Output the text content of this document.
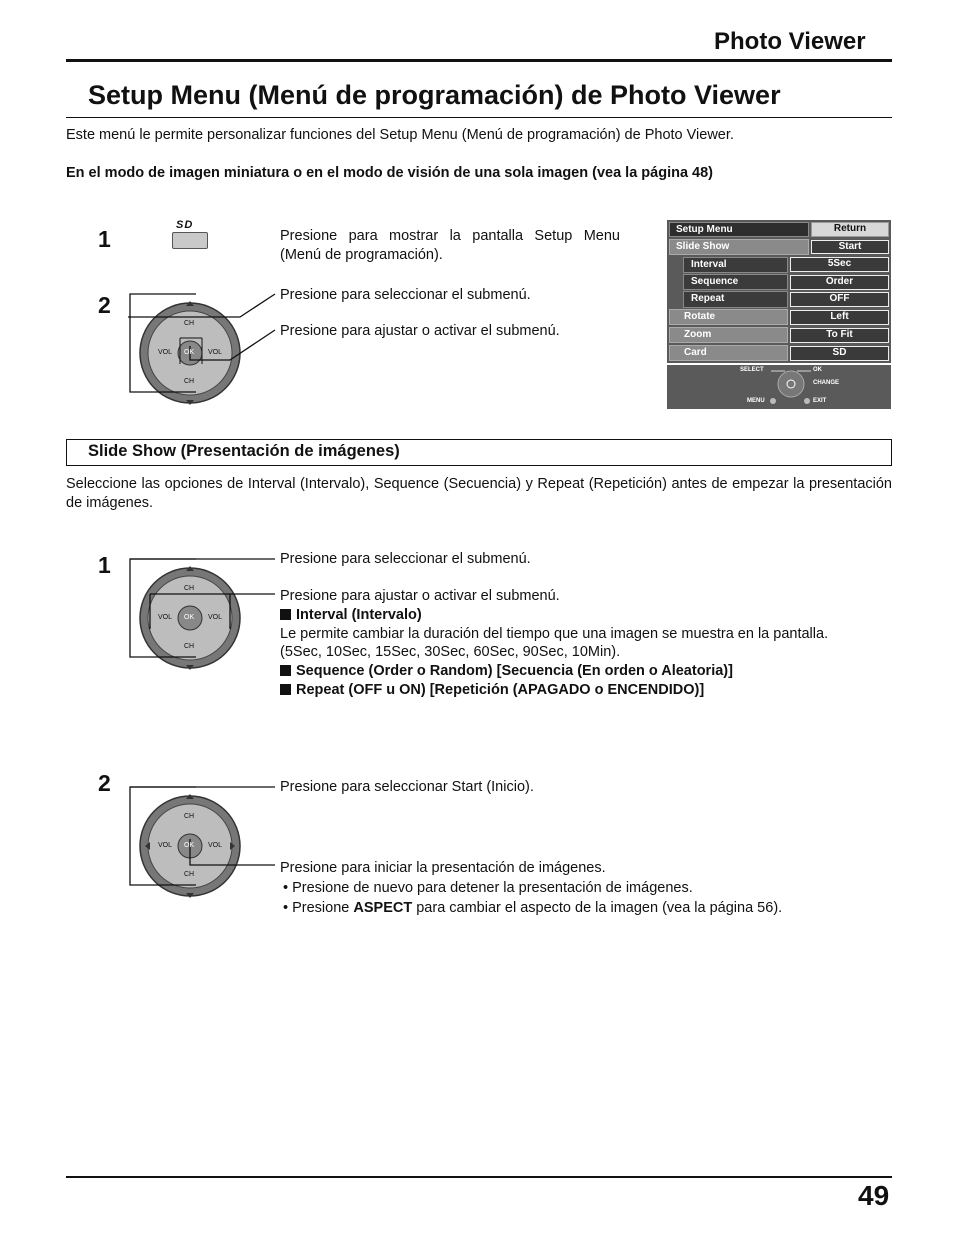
Photo Viewer
Setup Menu (Menú de programación) de Photo Viewer
Este menú le permite personalizar funciones del Setup Menu (Menú de programación) de Photo Viewer.
En el modo de imagen miniatura o en el modo de visión de una sola imagen (vea la página 48)
1
SD
Presione para mostrar la pantalla Setup Menu (Menú de programación).
2
CH
CH
VOL	VOL
OK
Presione para seleccionar el submenú.
Presione para ajustar o activar el submenú.
Setup Menu	Return
Slide Show	Start
Interval	5Sec
Sequence	Order
Repeat	OFF
Rotate	Left
Zoom	To Fit
Card	SD
SELECT	OK
CHANGE
MENU	EXIT
Slide Show (Presentación de imágenes)
Seleccione las opciones de Interval (Intervalo), Sequence (Secuencia) y Repeat (Repetición) antes de empezar la presentación de imágenes.
1
CH
CH
VOL	VOL
OK
Presione para seleccionar el submenú.
Presione para ajustar o activar el submenú.
Interval (Intervalo)
Le permite cambiar la duración del tiempo que una imagen se muestra en la pantalla.
(5Sec, 10Sec, 15Sec, 30Sec, 60Sec, 90Sec, 10Min).
Sequence (Order o Random) [Secuencia (En orden o Aleatoria)]
Repeat (OFF u ON) [Repetición (APAGADO o ENCENDIDO)]
2
CH
CH
VOL	VOL
OK
Presione para seleccionar Start (Inicio).
Presione para iniciar la presentación de imágenes.
• Presione de nuevo para detener la presentación de imágenes.
• Presione ASPECT para cambiar el aspecto de la imagen (vea la página 56).
49
